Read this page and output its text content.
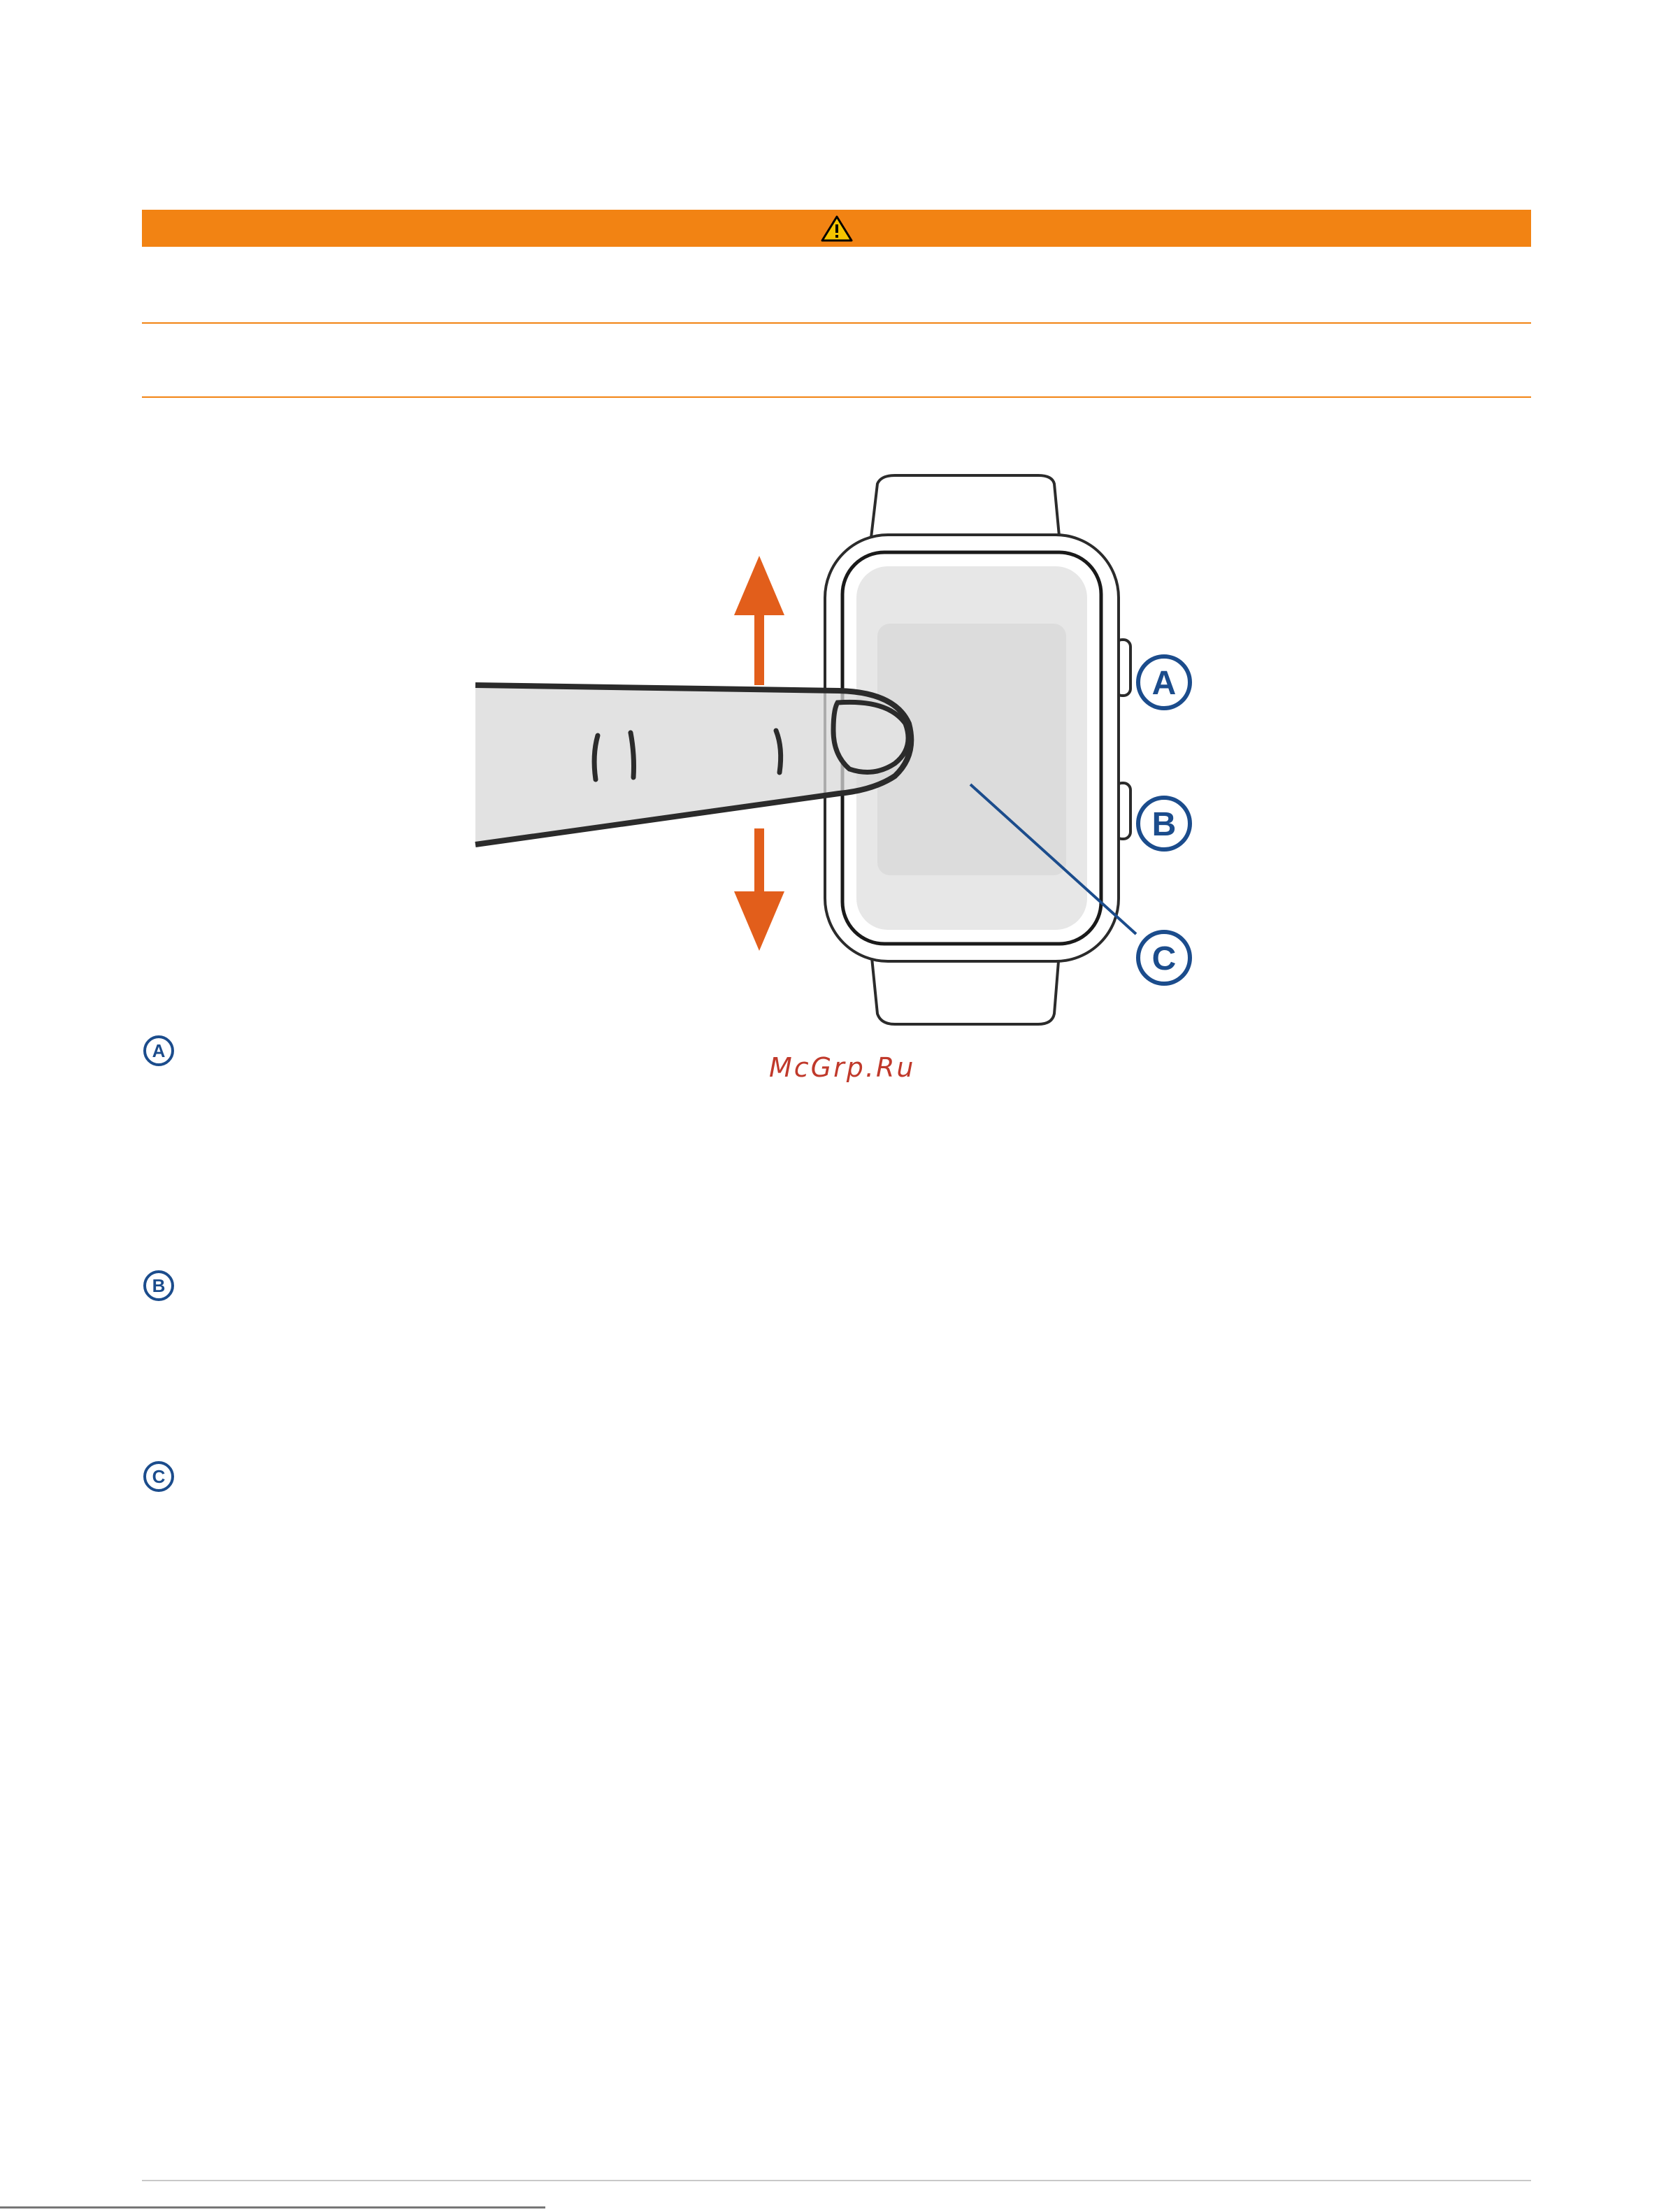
A
B
C
A
B
C
McGrp.Ru
